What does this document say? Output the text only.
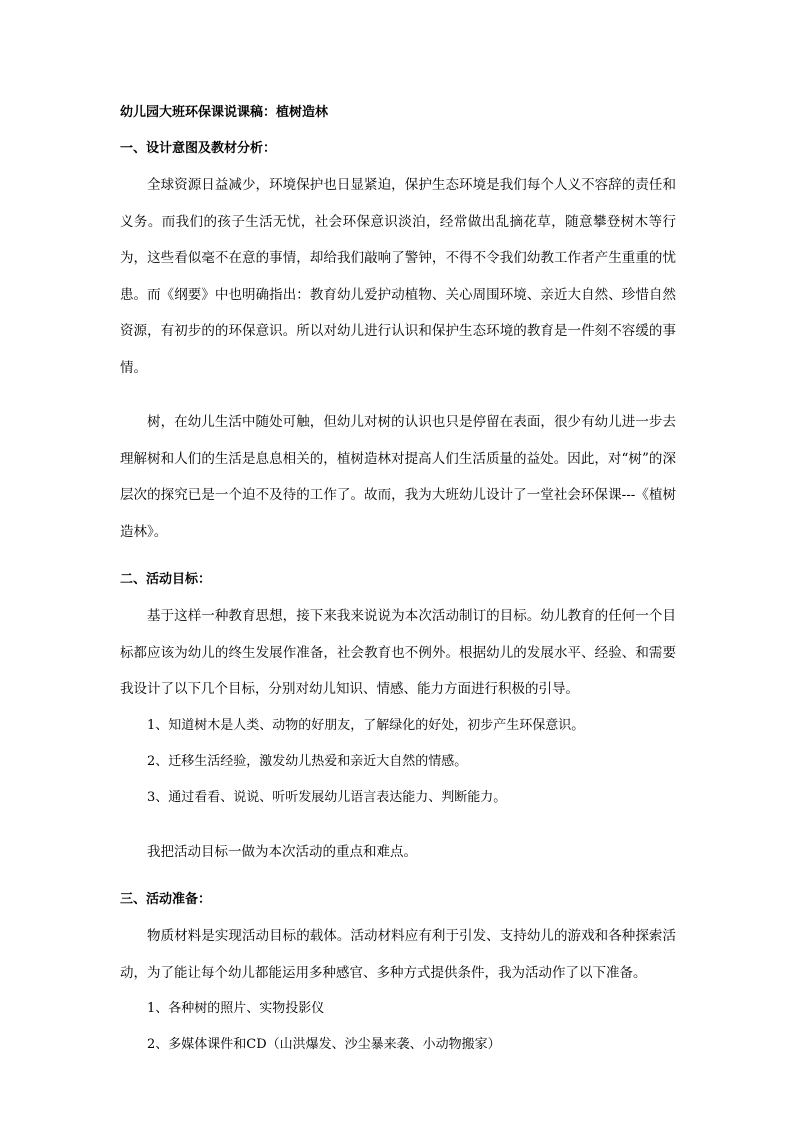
幼儿园大班环保课说课稿：植树造林

一、设计意图及教材分析：

全球资源日益减少，环境保护也日显紧迫，保护生态环境是我们每个人义不容辞的责任和义务。而我们的孩子生活无忧，社会环保意识淡泊，经常做出乱摘花草，随意攀登树木等行为，这些看似毫不在意的事情，却给我们敲响了警钟，不得不令我们幼教工作者产生重重的忧患。而《纲要》中也明确指出：教育幼儿爱护动植物、关心周围环境、亲近大自然、珍惜自然资源，有初步的的环保意识。所以对幼儿进行认识和保护生态环境的教育是一件刻不容缓的事情。

树，在幼儿生活中随处可触，但幼儿对树的认识也只是停留在表面，很少有幼儿进一步去理解树和人们的生活是息息相关的，植树造林对提高人们生活质量的益处。因此，对“树”的深层次的探究已是一个迫不及待的工作了。故而，我为大班幼儿设计了一堂社会环保课---《植树造林》。

二、活动目标：

基于这样一种教育思想，接下来我来说说为本次活动制订的目标。幼儿教育的任何一个目标都应该为幼儿的终生发展作准备，社会教育也不例外。根据幼儿的发展水平、经验、和需要我设计了以下几个目标，分别对幼儿知识、情感、能力方面进行积极的引导。

1、知道树木是人类、动物的好朋友，了解绿化的好处，初步产生环保意识。

2、迁移生活经验，激发幼儿热爱和亲近大自然的情感。

3、通过看看、说说、听听发展幼儿语言表达能力、判断能力。

我把活动目标一做为本次活动的重点和难点。

三、活动准备：

物质材料是实现活动目标的载体。活动材料应有利于引发、支持幼儿的游戏和各种探索活动，为了能让每个幼儿都能运用多种感官、多种方式提供条件，我为活动作了以下准备。

1、各种树的照片、实物投影仪

2、多媒体课件和CD（山洪爆发、沙尘暴来袭、小动物搬家）
